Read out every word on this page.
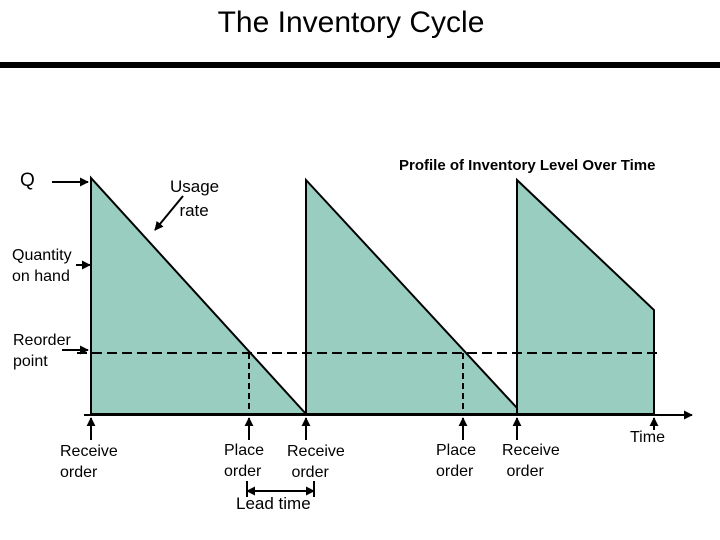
The Inventory Cycle
Q	Usage
rate
Profile of Inventory Level Over Time
Quantity
on hand
Reorder
point
Receive
order
Place
order
Receive
order
Lead time
Place
order
Receive
order
Time
